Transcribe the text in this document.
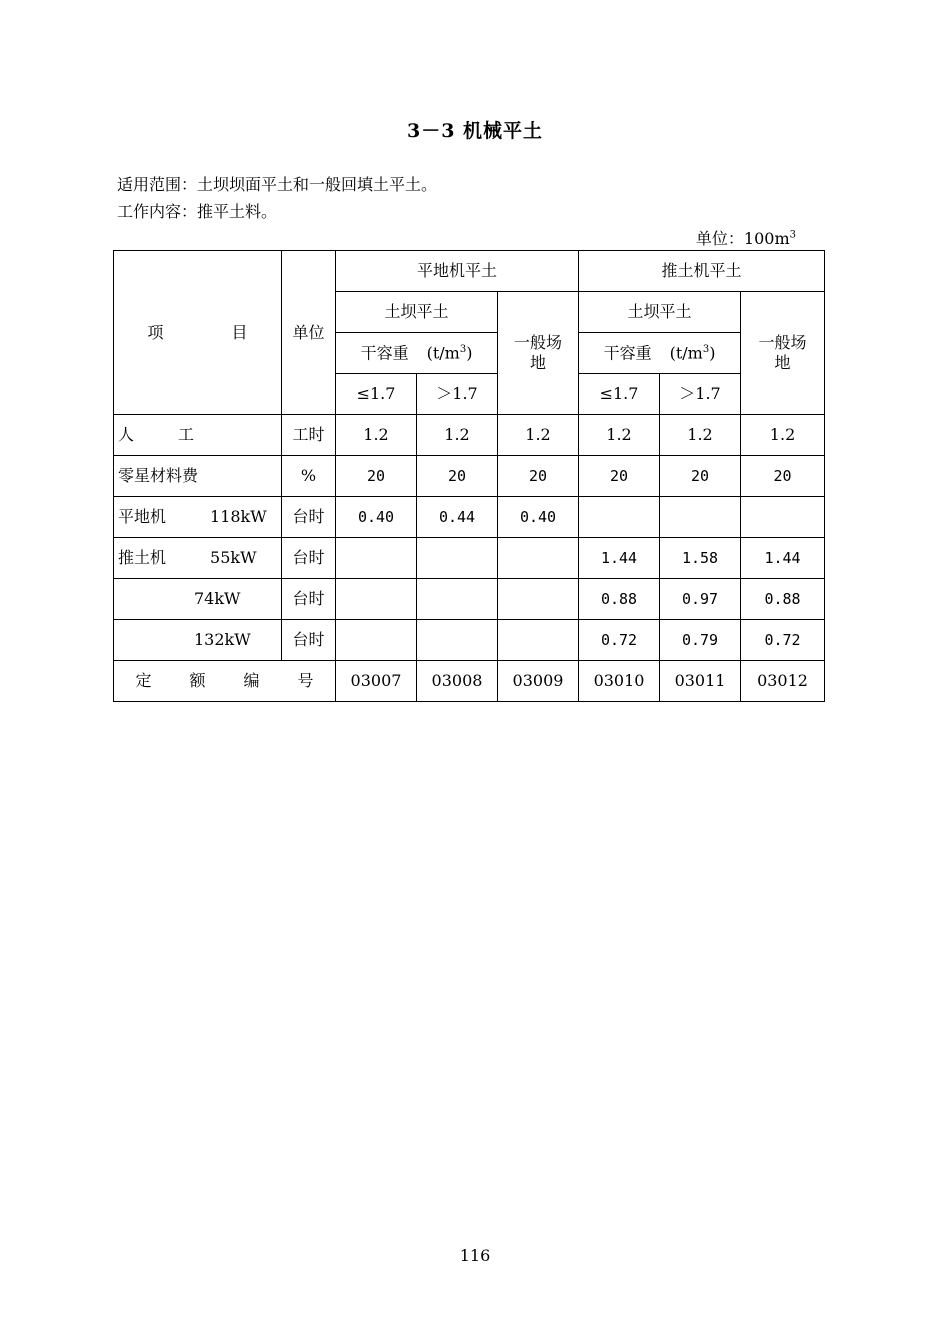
3－3 机械平土
适用范围：土坝坝面平土和一般回填土平土。
工作内容：推平土料。
单位：$100m^3$
项 目	单位	平地机平土			推土机平土		
		土坝平土		一般场地	土坝平土		一般场地
		干容重 $(t/m^3)$			干容重 $(t/m^3)$		
		≤1.7	＞1.7		≤1.7	＞1.7	
人 工	工时	1.2	1.2	1.2	1.2	1.2	1.2
零星材料费	%	20	20	20	20	20	20
平地机 118kW	台时	0.40	0.44	0.40			
推土机 55kW	台时				1.44	1.58	1.44
74kW	台时				0.88	0.97	0.88
132kW	台时				0.72	0.79	0.72
定 额 编 号		03007	03008	03009	03010	03011	03012
116
